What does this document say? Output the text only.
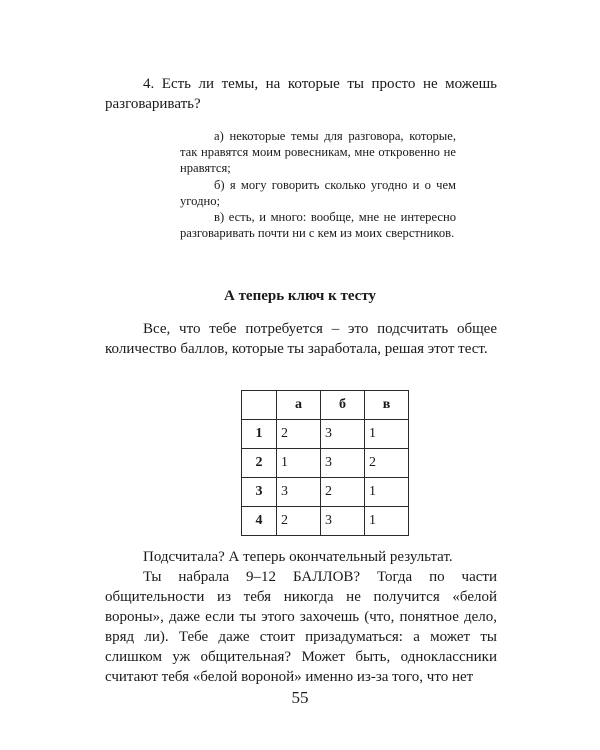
4. Есть ли темы, на которые ты просто не можешь разговаривать?

а) некоторые темы для разговора, которые, так нравятся моим ровесникам, мне откровенно не нравятся;
б) я могу говорить сколько угодно и о чем угодно;
в) есть, и много: вообще, мне не интересно разговаривать почти ни с кем из моих сверстников.
А теперь ключ к тесту

Все, что тебе потребуется – это подсчитать общее количество баллов, которые ты заработала, решая этот тест.

	а	б	в
1	2	3	1
2	1	3	2
3	3	2	1
4	2	3	1
Подсчитала? А теперь окончательный результат.
Ты набрала 9–12 БАЛЛОВ? Тогда по части общительности из тебя никогда не получится «белой вороны», даже если ты этого захочешь (что, понятное дело, вряд ли). Тебе даже стоит призадуматься: а может ты слишком уж общительная? Может быть, одноклассники считают тебя «белой вороной» именно из-за того, что нет
55
